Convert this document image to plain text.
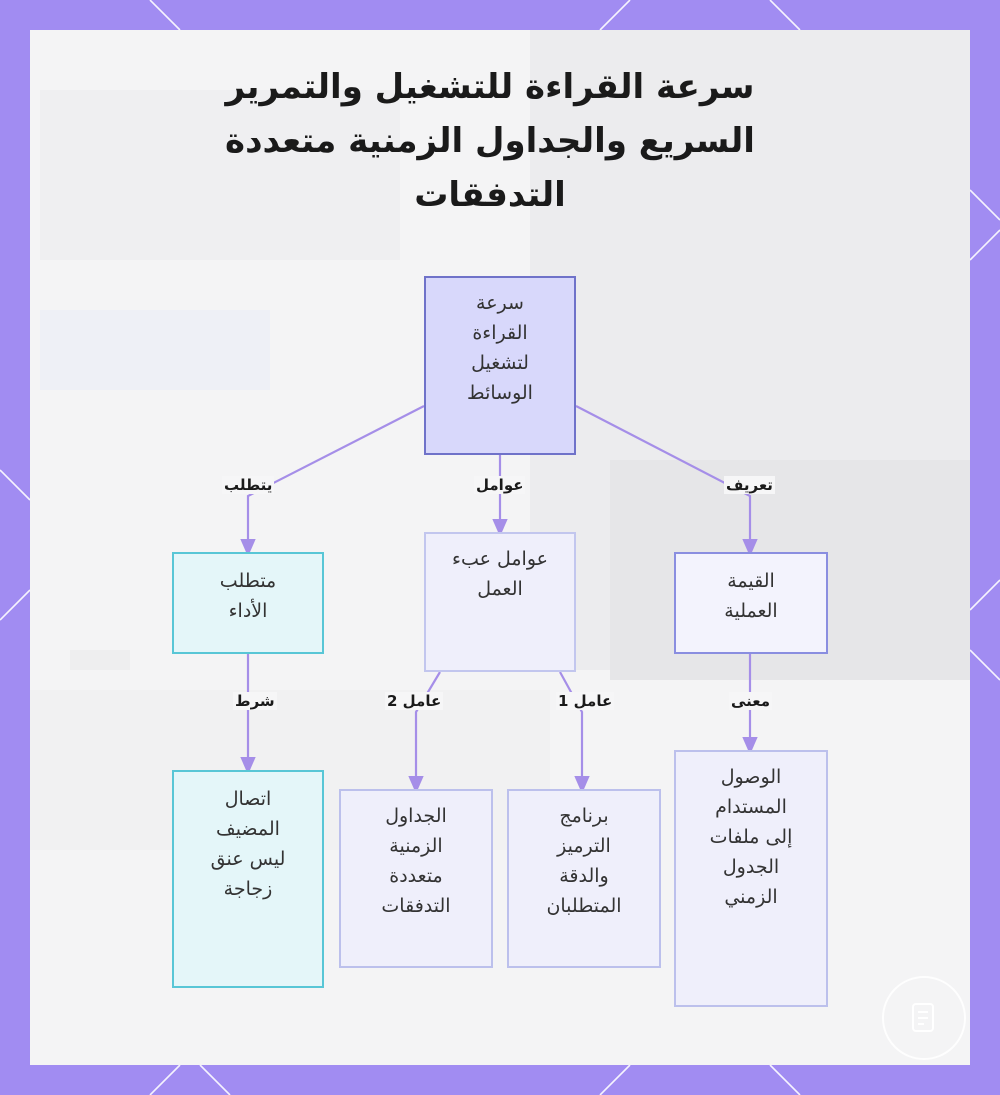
سرعة القراءة للتشغيل والتمرير السريع والجداول الزمنية متعددة التدفقات
تعريف
عوامل
يتطلب
معنى
عامل 1
عامل 2
شرط
سرعة
القراءة
لتشغيل
الوسائط
القيمة
العملية
عوامل عبء
العمل
متطلب
الأداء
الوصول
المستدام
إلى ملفات
الجدول
الزمني
برنامج
الترميز
والدقة
المتطلبان
الجداول
الزمنية
متعددة
التدفقات
اتصال
المضيف
ليس عنق
زجاجة
